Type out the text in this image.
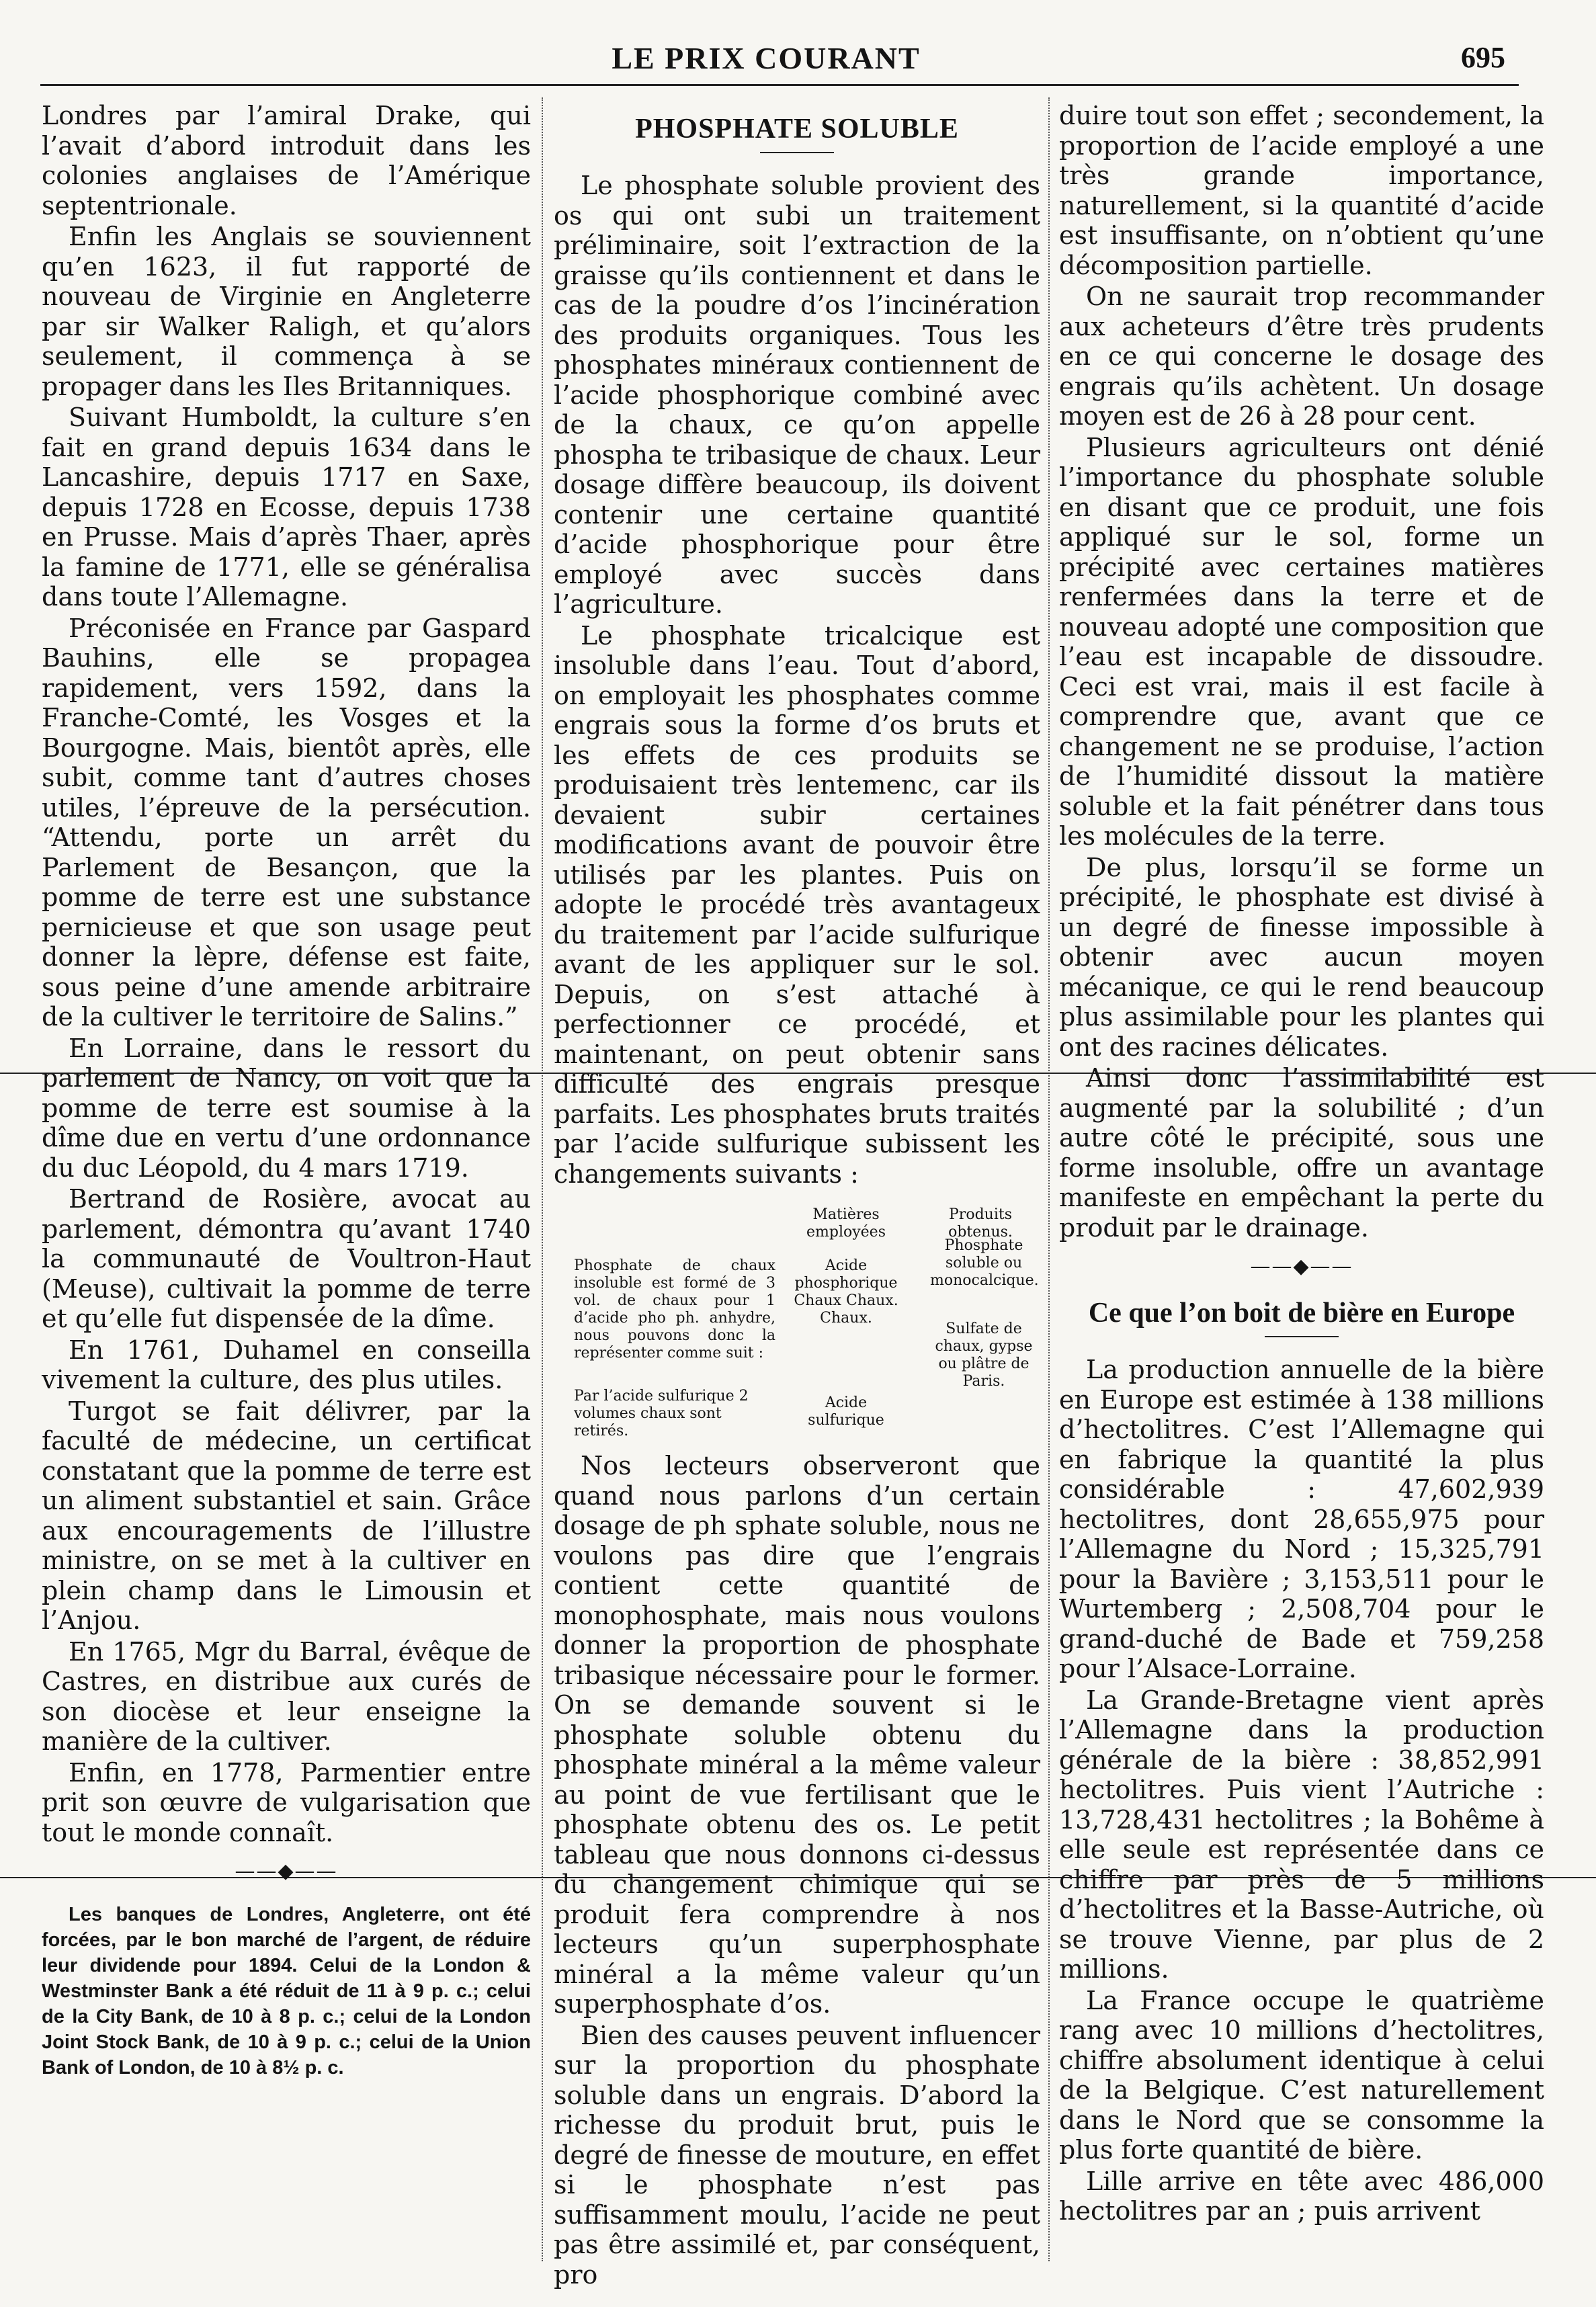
LE PRIX COURANT	695

Londres par l’amiral Drake, qui l’avait d’abord introduit dans les colonies anglaises de l’Amérique septentrionale.

Enfin les Anglais se souviennent qu’en 1623, il fut rapporté de nouveau de Virginie en Angleterre par sir Walker Raligh, et qu’alors seulement, il commença à se propager dans les Iles Britanniques.

Suivant Humboldt, la culture s’en fait en grand depuis 1634 dans le Lancashire, depuis 1717 en Saxe, depuis 1728 en Ecosse, depuis 1738 en Prusse. Mais d’après Thaer, après la famine de 1771, elle se généralisa dans toute l’Allemagne.

Préconisée en France par Gaspard Bauhins, elle se propagea rapidement, vers 1592, dans la Franche-Comté, les Vosges et la Bourgogne. Mais, bientôt après, elle subit, comme tant d’autres choses utiles, l’épreuve de la persécution. “Attendu, porte un arrêt du Parlement de Besançon, que la pomme de terre est une substance pernicieuse et que son usage peut donner la lèpre, défense est faite, sous peine d’une amende arbitraire de la cultiver le territoire de Salins.”

En Lorraine, dans le ressort du parlement de Nancy, on voit que la pomme de terre est soumise à la dîme due en vertu d’une ordonnance du duc Léopold, du 4 mars 1719.

Bertrand de Rosière, avocat au parlement, démontra qu’avant 1740 la communauté de Voultron-Haut (Meuse), cultivait la pomme de terre et qu’elle fut dispensée de la dîme.

En 1761, Duhamel en conseilla vivement la culture, des plus utiles.

Turgot se fait délivrer, par la faculté de médecine, un certificat constatant que la pomme de terre est un aliment substantiel et sain. Grâce aux encouragements de l’illustre ministre, on se met à la cultiver en plein champ dans le Limousin et l’Anjou.

En 1765, Mgr du Barral, évêque de Castres, en distribue aux curés de son diocèse et leur enseigne la manière de la cultiver.

Enfin, en 1778, Parmentier entre prit son œuvre de vulgarisation que tout le monde connaît.

——◆——

Les banques de Londres, Angleterre, ont été forcées, par le bon marché de l’argent, de réduire leur dividende pour 1894. Celui de la London & Westminster Bank a été réduit de 11 à 9 p. c.; celui de la City Bank, de 10 à 8 p. c.; celui de la London Joint Stock Bank, de 10 à 9 p. c.; celui de la Union Bank of London, de 10 à 8½ p. c.

PHOSPHATE SOLUBLE

Le phosphate soluble provient des os qui ont subi un traitement préliminaire, soit l’extraction de la graisse qu’ils contiennent et dans le cas de la poudre d’os l’incinération des produits organiques. Tous les phosphates minéraux contiennent de l’acide phosphorique combiné avec de la chaux, ce qu’on appelle phospha te tribasique de chaux. Leur dosage diffère beaucoup, ils doivent contenir une certaine quantité d’acide phosphorique pour être employé avec succès dans l’agriculture.

Le phosphate tricalcique est insoluble dans l’eau. Tout d’abord, on employait les phosphates comme engrais sous la forme d’os bruts et les effets de ces produits se produisaient très lentemenc, car ils devaient subir certaines modifications avant de pouvoir être utilisés par les plantes. Puis on adopte le procédé très avantageux du traitement par l’acide sulfurique avant de les appliquer sur le sol. Depuis, on s’est attaché à perfectionner ce procédé, et maintenant, on peut obtenir sans difficulté des engrais presque parfaits. Les phosphates bruts traités par l’acide sulfurique subissent les changements suivants :

Matières employées
Produits obtenus.
Phosphate de chaux insoluble est formé de 3 vol. de chaux pour 1 d’acide pho ph. anhydre, nous pouvons donc la représenter comme suit :
Acide phosphorique Chaux Chaux. Chaux.
Phosphate soluble ou monocalcique.
Acide sulfurique
Sulfate de chaux, gypse ou plâtre de Paris.
Par l’acide sulfurique 2 volumes chaux sont retirés.

Nos lecteurs observeront que quand nous parlons d’un certain dosage de ph sphate soluble, nous ne voulons pas dire que l’engrais contient cette quantité de monophosphate, mais nous voulons donner la proportion de phosphate tribasique nécessaire pour le former. On se demande souvent si le phosphate soluble obtenu du phosphate minéral a la même valeur au point de vue fertilisant que le phosphate obtenu des os. Le petit tableau que nous donnons ci-dessus du changement chimique qui se produit fera comprendre à nos lecteurs qu’un superphosphate minéral a la même valeur qu’un superphosphate d’os.

Bien des causes peuvent influencer sur la proportion du phosphate soluble dans un engrais. D’abord la richesse du produit brut, puis le degré de finesse de mouture, en effet si le phosphate n’est pas suffisamment moulu, l’acide ne peut pas être assimilé et, par conséquent, pro

duire tout son effet ; secondement, la proportion de l’acide employé a une très grande importance, naturellement, si la quantité d’acide est insuffisante, on n’obtient qu’une décomposition partielle.

On ne saurait trop recommander aux acheteurs d’être très prudents en ce qui concerne le dosage des engrais qu’ils achètent. Un dosage moyen est de 26 à 28 pour cent.

Plusieurs agriculteurs ont dénié l’importance du phosphate soluble en disant que ce produit, une fois appliqué sur le sol, forme un précipité avec certaines matières renfermées dans la terre et de nouveau adopté une composition que l’eau est incapable de dissoudre. Ceci est vrai, mais il est facile à comprendre que, avant que ce changement ne se produise, l’action de l’humidité dissout la matière soluble et la fait pénétrer dans tous les molécules de la terre.

De plus, lorsqu’il se forme un précipité, le phosphate est divisé à un degré de finesse impossible à obtenir avec aucun moyen mécanique, ce qui le rend beaucoup plus assimilable pour les plantes qui ont des racines délicates.

Ainsi donc l’assimilabilité est augmenté par la solubilité ; d’un autre côté le précipité, sous une forme insoluble, offre un avantage manifeste en empêchant la perte du produit par le drainage.

——◆——
Ce que l’on boit de bière en Europe

La production annuelle de la bière en Europe est estimée à 138 millions d’hectolitres. C’est l’Allemagne qui en fabrique la quantité la plus considérable : 47,602,939 hectolitres, dont 28,655,975 pour l’Allemagne du Nord ; 15,325,791 pour la Bavière ; 3,153,511 pour le Wurtemberg ; 2,508,704 pour le grand-duché de Bade et 759,258 pour l’Alsace-Lorraine.

La Grande-Bretagne vient après l’Allemagne dans la production générale de la bière : 38,852,991 hectolitres. Puis vient l’Autriche : 13,728,431 hectolitres ; la Bohême à elle seule est représentée dans ce chiffre par près de 5 millions d’hectolitres et la Basse-Autriche, où se trouve Vienne, par plus de 2 millions.

La France occupe le quatrième rang avec 10 millions d’hectolitres, chiffre absolument identique à celui de la Belgique. C’est naturellement dans le Nord que se consomme la plus forte quantité de bière.

Lille arrive en tête avec 486,000 hectolitres par an ; puis arrivent
